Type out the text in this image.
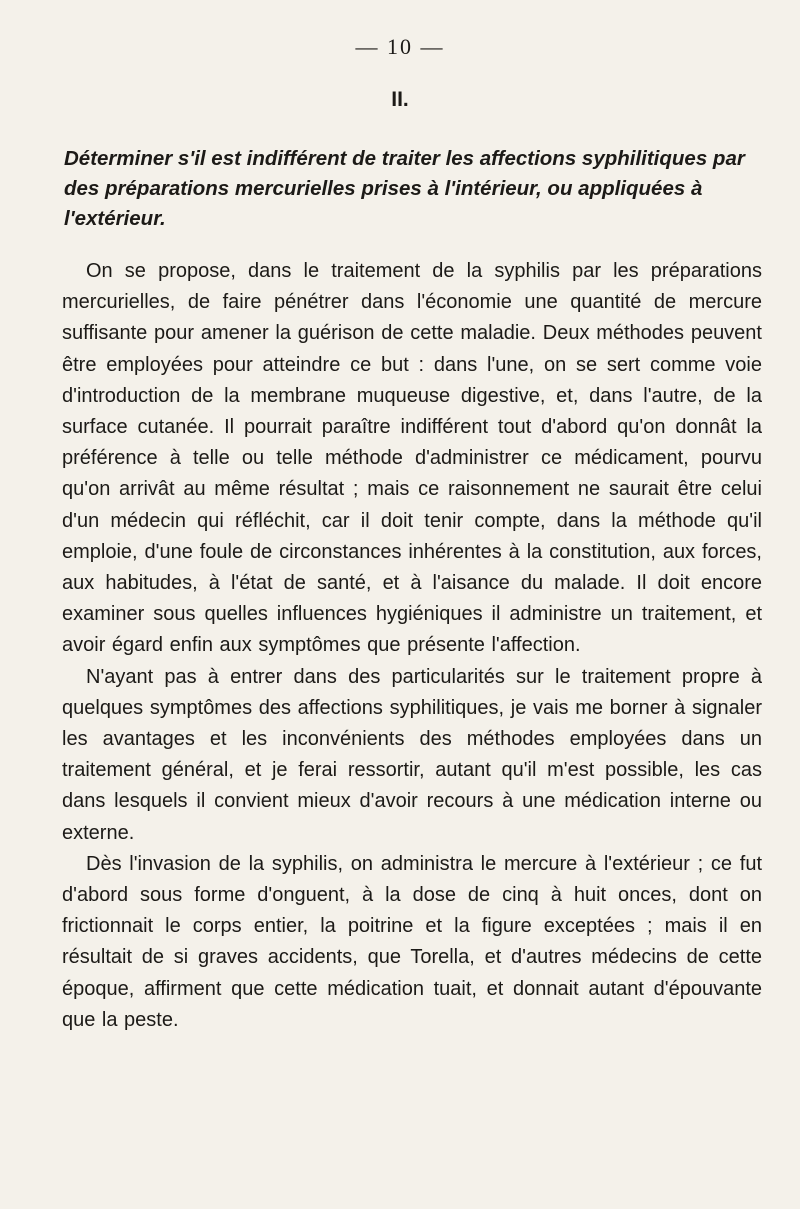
— 10 —
II.
Déterminer s'il est indifférent de traiter les affections syphilitiques par des préparations mercurielles prises à l'intérieur, ou appliquées à l'extérieur.

On se propose, dans le traitement de la syphilis par les préparations mercurielles, de faire pénétrer dans l'économie une quantité de mercure suffisante pour amener la guérison de cette maladie. Deux méthodes peuvent être employées pour atteindre ce but : dans l'une, on se sert comme voie d'introduction de la membrane muqueuse digestive, et, dans l'autre, de la surface cutanée. Il pourrait paraître indifférent tout d'abord qu'on donnât la préférence à telle ou telle méthode d'administrer ce médicament, pourvu qu'on arrivât au même résultat ; mais ce raisonnement ne saurait être celui d'un médecin qui réfléchit, car il doit tenir compte, dans la méthode qu'il emploie, d'une foule de circonstances inhérentes à la constitution, aux forces, aux habitudes, à l'état de santé, et à l'aisance du malade. Il doit encore examiner sous quelles influences hygiéniques il administre un traitement, et avoir égard enfin aux symptômes que présente l'affection.

N'ayant pas à entrer dans des particularités sur le traitement propre à quelques symptômes des affections syphilitiques, je vais me borner à signaler les avantages et les inconvénients des méthodes employées dans un traitement général, et je ferai ressortir, autant qu'il m'est possible, les cas dans lesquels il convient mieux d'avoir recours à une médication interne ou externe.

Dès l'invasion de la syphilis, on administra le mercure à l'extérieur ; ce fut d'abord sous forme d'onguent, à la dose de cinq à huit onces, dont on frictionnait le corps entier, la poitrine et la figure exceptées ; mais il en résultait de si graves accidents, que Torella, et d'autres médecins de cette époque, affirment que cette médication tuait, et donnait autant d'épouvante que la peste.
